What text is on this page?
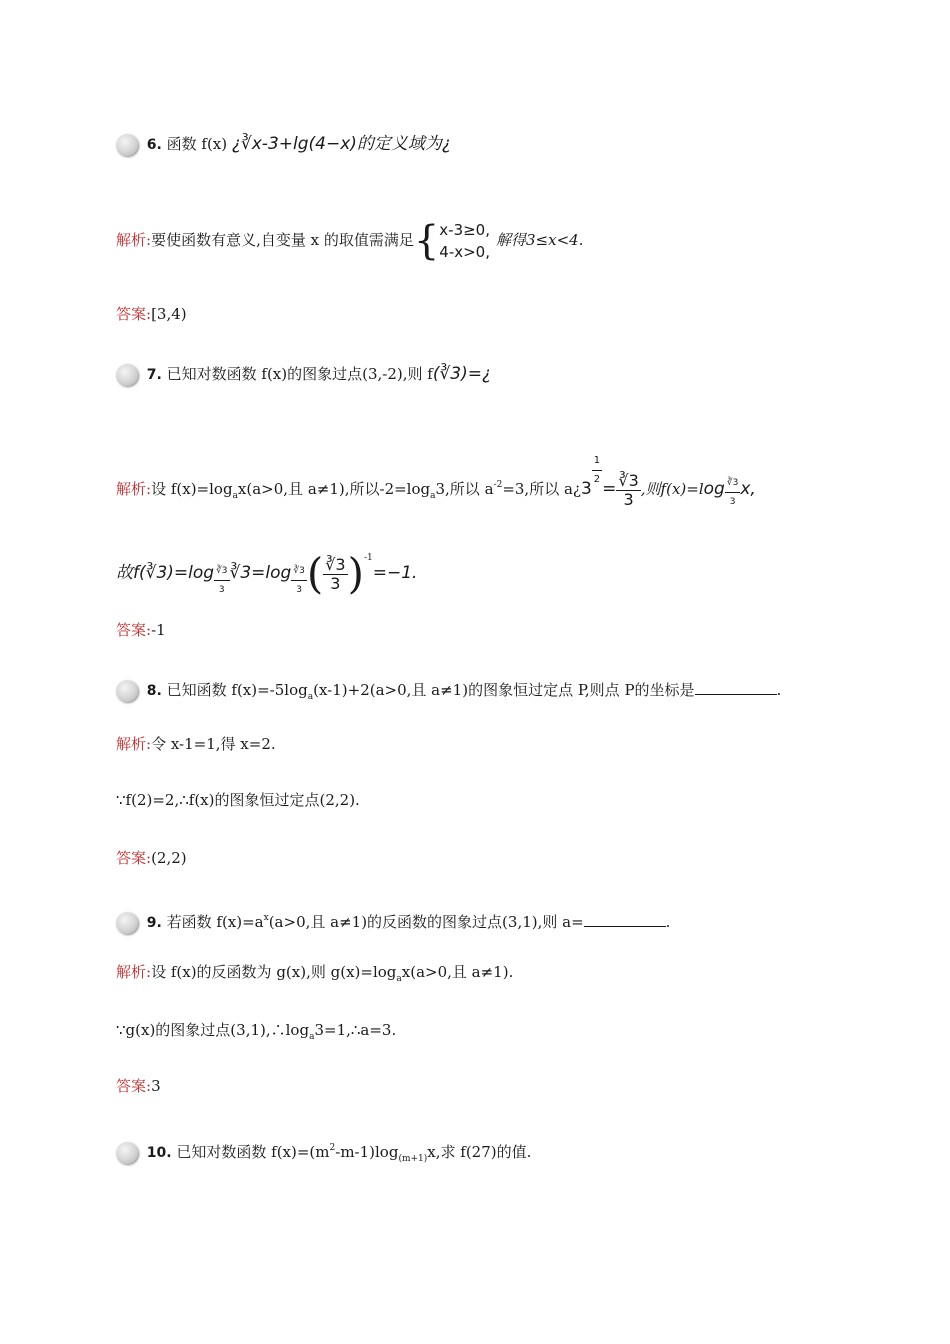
6. 函数 f(x) ¿∛x-3+lg(4−x)的定义域为¿
解析:要使函数有意义,自变量 x 的取值需满足{ x-3≥0,
4-x>0,
解得3≤x<4.
答案:[3,4)
7. 已知对数函数 f(x)的图象过点(3,-2),则 f(∛3)=¿
解析:设 $f(x)=\log_ax(a>0$,且 a≠1),所以$-2=\log_a3$,所以 $a^{-2}=3$,所以 a¿3 $\frac{1}{2} = \frac{∛3}{3}$ ,则$f(x)=\log \frac{∛3}{3} x$,
故f(∛3)=log $\frac{∛3}{3}$ ∛3=log $\frac{∛3}{3}$ ( $\frac{∛3}{3} )^{-1}=-1$.
答案:-1
8. 已知函数 $f(x)=-5\log_a(x-1)+2(a>0$,且 a≠1)的图象恒过定点 P,则点 P的坐标是	.
解析:令 x-1=1,得 x=2.
∵f(2)=2,∴f(x)的图象恒过定点(2,2).
答案:(2,2)
9. 若函数 $f(x)=a^x(a>0$,且 a≠1)的反函数的图象过点(3,1),则 a=	.
解析:设 f(x)的反函数为 g(x),则 $g(x)=\log_ax(a>0$,且 a≠1).
∵g(x)的图象过点$(3,1),\therefore\log_a3=1,\therefore a=3$.
答案:3
10. 已知对数函数 $f(x)=(m^2-m-1)\log_{(m+1)}x$,求 f(27)的值.
